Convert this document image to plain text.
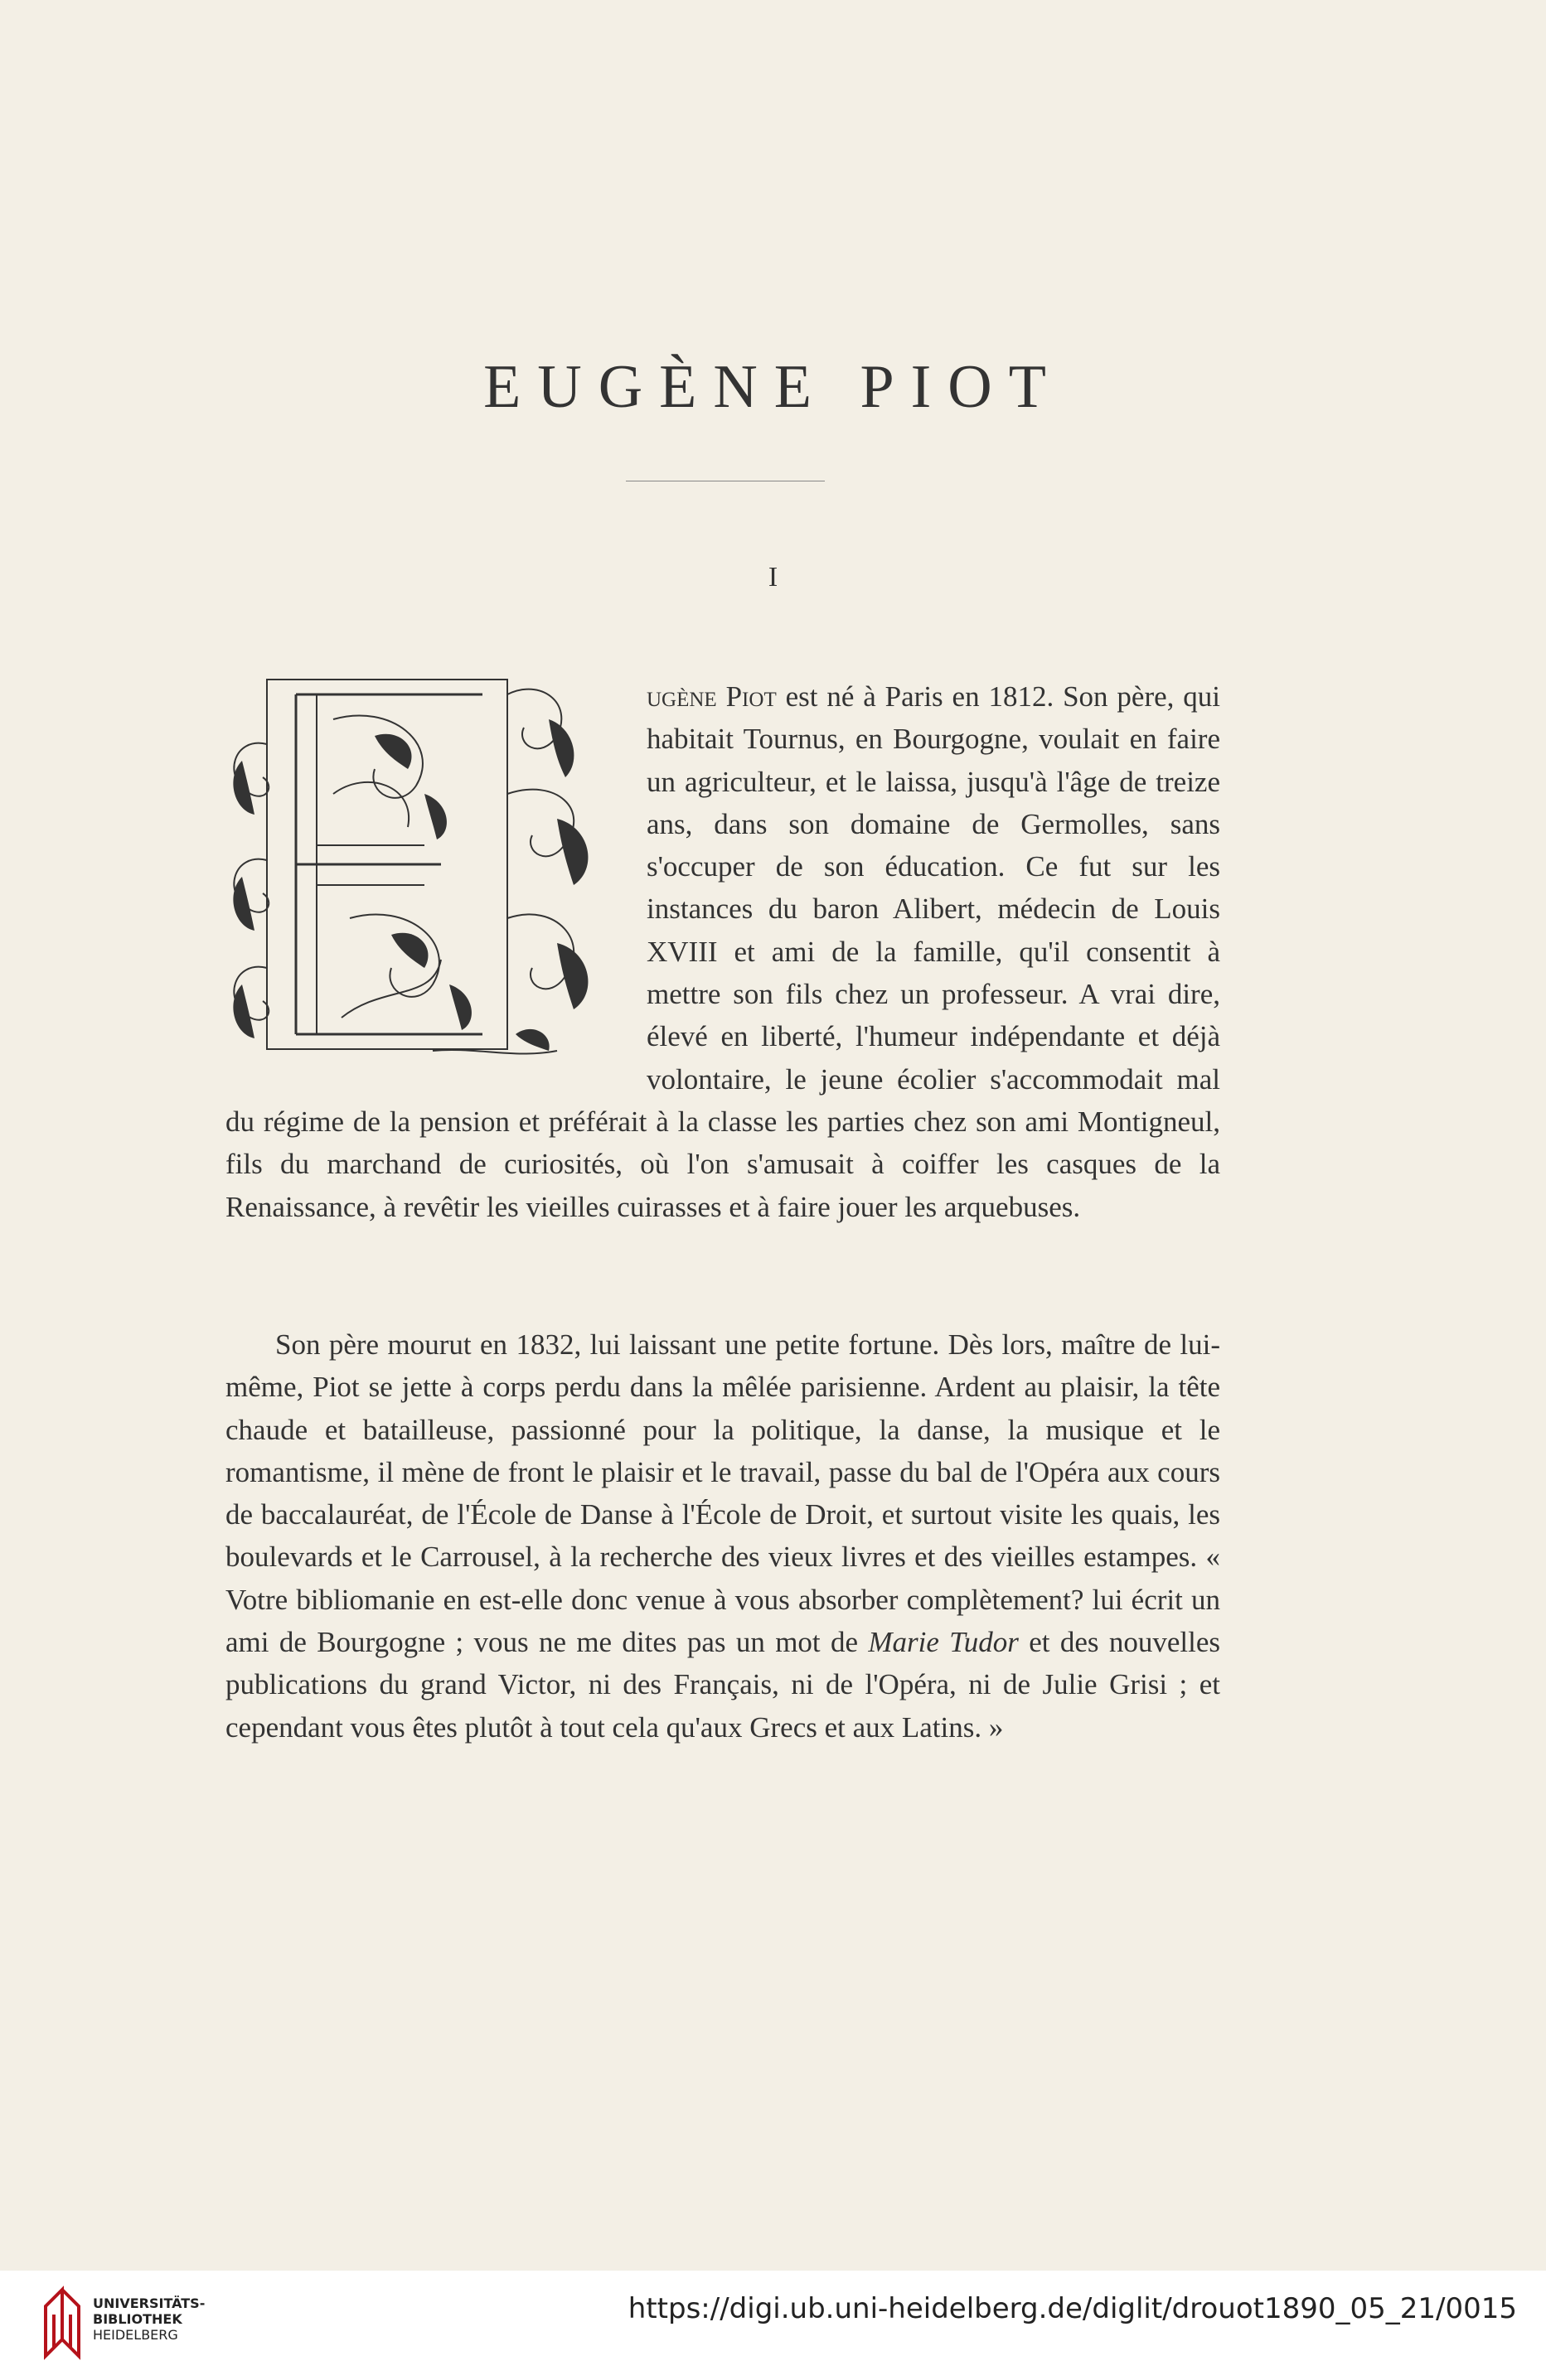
EUGÈNE PIOT
I

ugène Piot est né à Paris en 1812. Son père, qui habitait Tournus, en Bourgogne, voulait en faire un agriculteur, et le laissa, jusqu'à l'âge de treize ans, dans son domaine de Germolles, sans s'occuper de son éducation. Ce fut sur les instances du baron Alibert, médecin de Louis XVIII et ami de la famille, qu'il consentit à mettre son fils chez un professeur. A vrai dire, élevé en liberté, l'humeur indépendante et déjà volontaire, le jeune écolier s'accommodait mal du régime de la pension et préférait à la classe les parties chez son ami Montigneul, fils du marchand de curiosités, où l'on s'amusait à coiffer les casques de la Renaissance, à revêtir les vieilles cuirasses et à faire jouer les arquebuses.

Son père mourut en 1832, lui laissant une petite fortune. Dès lors, maître de lui-même, Piot se jette à corps perdu dans la mêlée parisienne. Ardent au plaisir, la tête chaude et batailleuse, passionné pour la politique, la danse, la musique et le romantisme, il mène de front le plaisir et le travail, passe du bal de l'Opéra aux cours de baccalauréat, de l'École de Danse à l'École de Droit, et surtout visite les quais, les boulevards et le Carrousel, à la recherche des vieux livres et des vieilles estampes. « Votre bibliomanie en est-elle donc venue à vous absorber complètement? lui écrit un ami de Bourgogne ; vous ne me dites pas un mot de Marie Tudor et des nouvelles publications du grand Victor, ni des Français, ni de l'Opéra, ni de Julie Grisi ; et cependant vous êtes plutôt à tout cela qu'aux Grecs et aux Latins. »

UNIVERSITÄTS-
BIBLIOTHEK
HEIDELBERG
https://digi.ub.uni-heidelberg.de/diglit/drouot1890_05_21/0015
